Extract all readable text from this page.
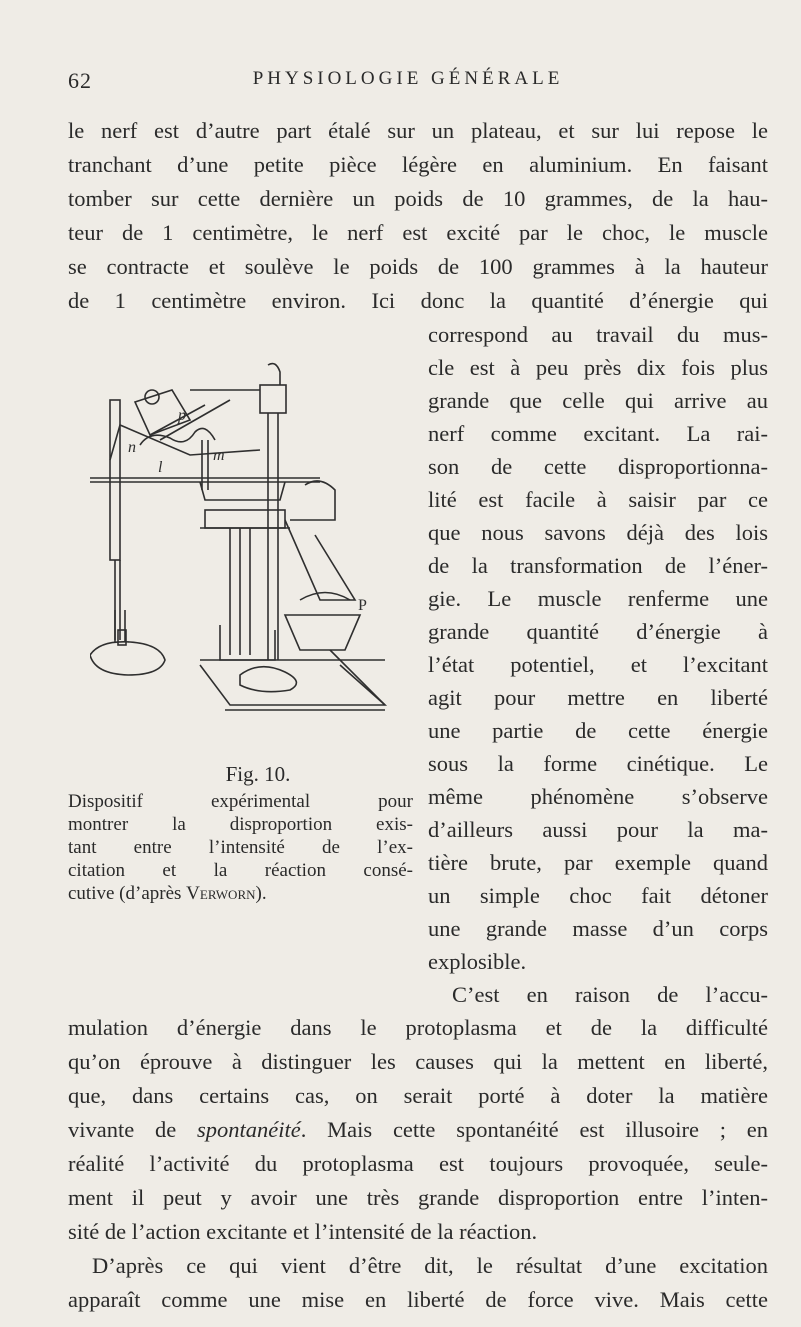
62	PHYSIOLOGIE GÉNÉRALE
le nerf est d’autre part étalé sur un plateau, et sur lui repose le
tranchant d’une petite pièce légère en aluminium. En faisant
tomber sur cette dernière un poids de 10 grammes, de la hau-
teur de 1 centimètre, le nerf est excité par le choc, le muscle
se contracte et soulève le poids de 100 grammes à la hauteur
de 1 centimètre environ. Ici donc la quantité d’énergie qui
correspond au travail du mus-
cle est à peu près dix fois plus
grande que celle qui arrive au
nerf comme excitant. La rai-
son de cette disproportionna-
lité est facile à saisir par ce
que nous savons déjà des lois
de la transformation de l’éner-
gie. Le muscle renferme une
grande quantité d’énergie à
l’état potentiel, et l’excitant
agit pour mettre en liberté
une partie de cette énergie
sous la forme cinétique. Le
même phénomène s’observe
d’ailleurs aussi pour la ma-
tière brute, par exemple quand
un simple choc fait détoner
une grande masse d’un corps
explosible.
C’est en raison de l’accu-
p
m
n
l
P
Fig. 10.
Dispositif expérimental pour
montrer la disproportion exis-
tant entre l’intensité de l’ex-
citation et la réaction consé-
cutive (d’après Verworn).
mulation d’énergie dans le protoplasma et de la difficulté
qu’on éprouve à distinguer les causes qui la mettent en liberté,
que, dans certains cas, on serait porté à doter la matière
vivante de spontanéité. Mais cette spontanéité est illusoire ; en
réalité l’activité du protoplasma est toujours provoquée, seule-
ment il peut y avoir une très grande disproportion entre l’inten-
sité de l’action excitante et l’intensité de la réaction.
D’après ce qui vient d’être dit, le résultat d’une excitation
apparaît comme une mise en liberté de force vive. Mais cette
